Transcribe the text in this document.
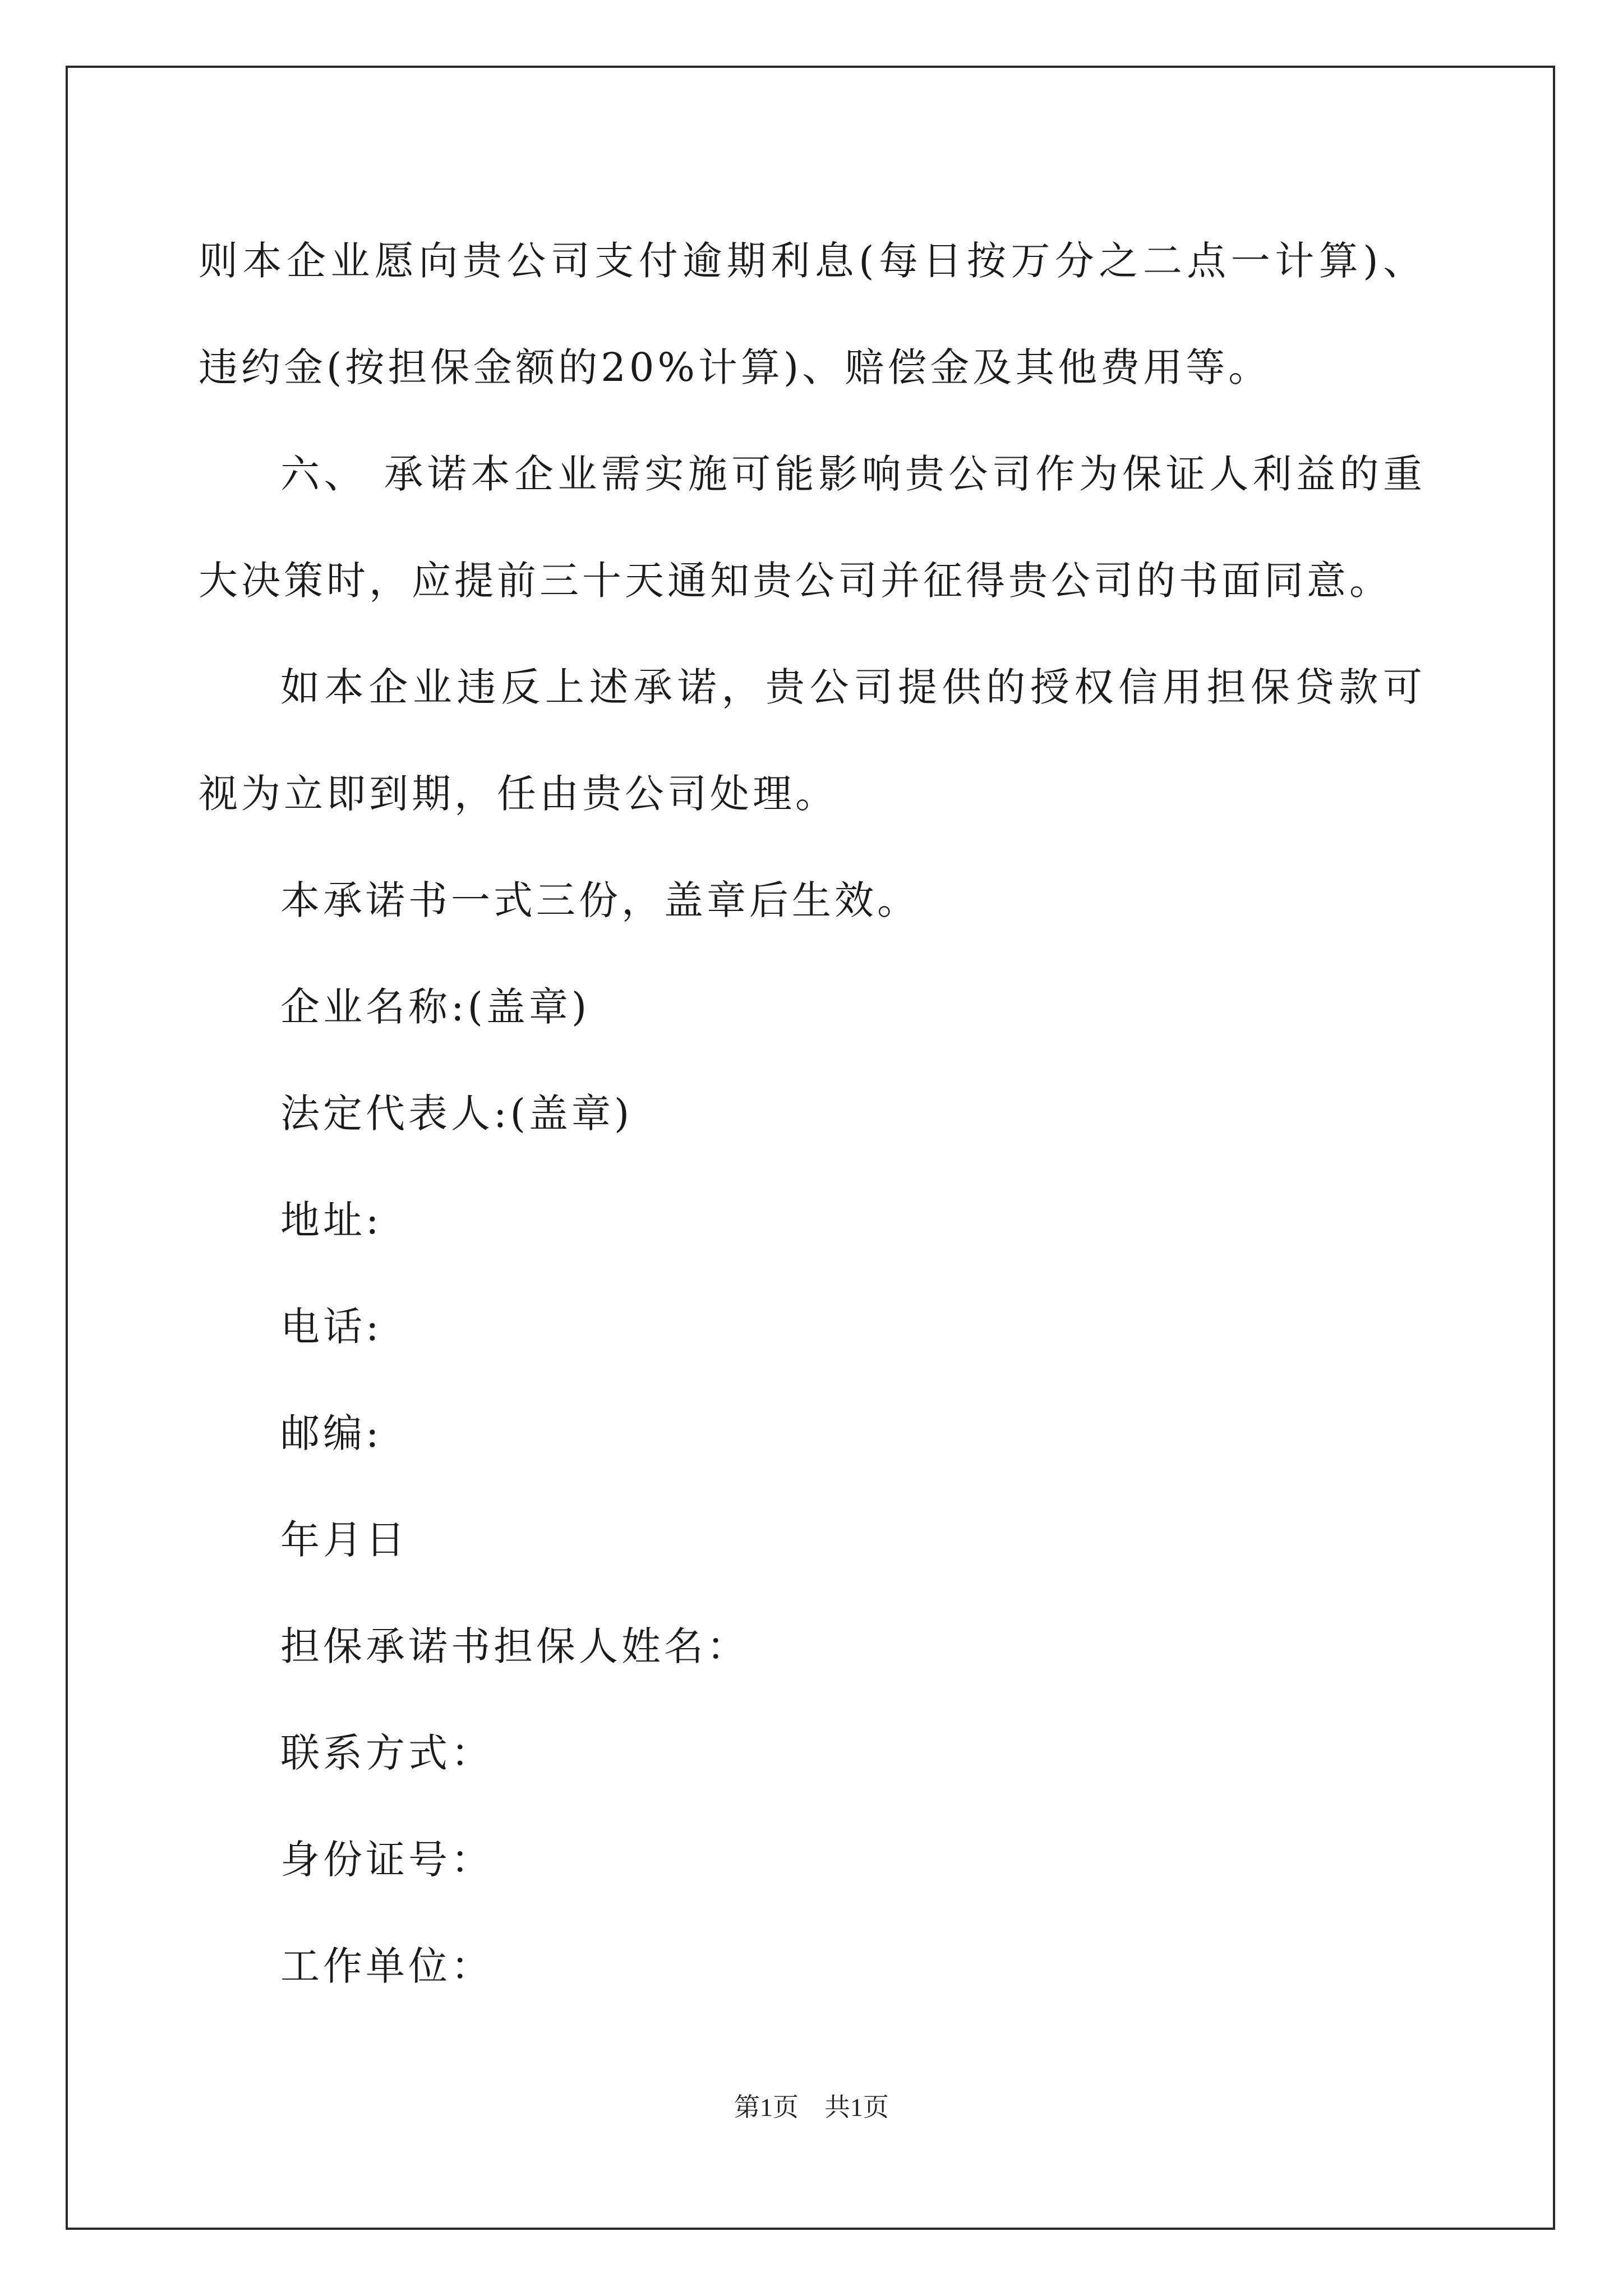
则本企业愿向贵公司支付逾期利息(每日按万分之二点一计算)、违约金(按担保金额的20%计算)、赔偿金及其他费用等。

六、 承诺本企业需实施可能影响贵公司作为保证人利益的重大决策时，应提前三十天通知贵公司并征得贵公司的书面同意。

如本企业违反上述承诺，贵公司提供的授权信用担保贷款可视为立即到期，任由贵公司处理。

本承诺书一式三份，盖章后生效。

企业名称:(盖章)

法定代表人:(盖章)

地址:

电话:

邮编:

年月日

担保承诺书担保人姓名：

联系方式：

身份证号：

工作单位：

第1页 共1页
